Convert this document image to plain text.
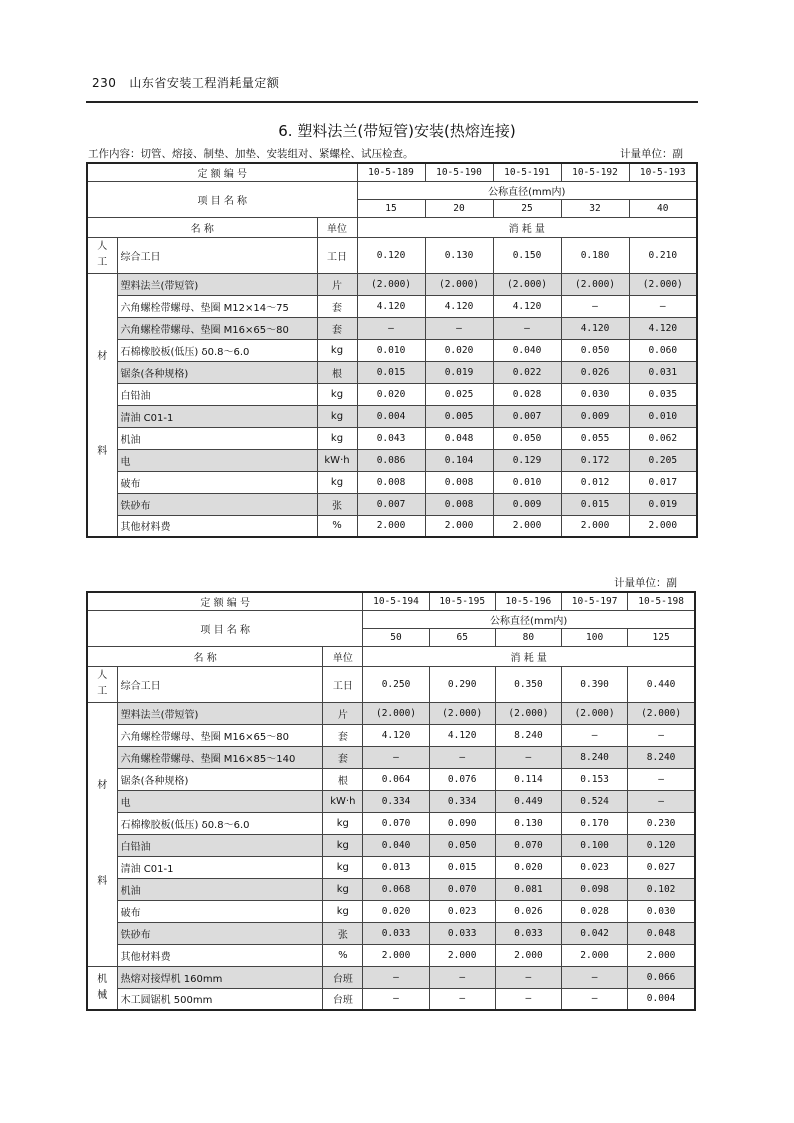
230 山东省安装工程消耗量定额
6. 塑料法兰(带短管)安装(热熔连接)
工作内容：切管、熔接、制垫、加垫、安装组对、紧螺栓、试压检查。	计量单位：副
定 额 编 号			10-5-189	10-5-190	10-5-191	10-5-192	10-5-193
项 目 名 称			公称直径(mm内)				
			15	20	25	32	40
名 称		单位	消 耗 量				

人
工	综合工日	工日	0.120	0.130	0.150	0.180	0.210

材
料	塑料法兰(带短管)	片	(2.000)	(2.000)	(2.000)	(2.000)	(2.000)
	六角螺栓带螺母、垫圈 M12×14～75	套	4.120	4.120	4.120	—	—
	六角螺栓带螺母、垫圈 M16×65～80	套	—	—	—	4.120	4.120
	石棉橡胶板(低压) δ0.8～6.0	kg	0.010	0.020	0.040	0.050	0.060
	锯条(各种规格)	根	0.015	0.019	0.022	0.026	0.031
	白铅油	kg	0.020	0.025	0.028	0.030	0.035
	清油 C01-1	kg	0.004	0.005	0.007	0.009	0.010
	机油	kg	0.043	0.048	0.050	0.055	0.062
	电	kW·h	0.086	0.104	0.129	0.172	0.205
	破布	kg	0.008	0.008	0.010	0.012	0.017
	铁砂布	张	0.007	0.008	0.009	0.015	0.019
	其他材料费	%	2.000	2.000	2.000	2.000	2.000
计量单位：副
定 额 编 号			10-5-194	10-5-195	10-5-196	10-5-197	10-5-198
项 目 名 称			公称直径(mm内)				
			50	65	80	100	125
名 称		单位	消 耗 量				

人
工	综合工日	工日	0.250	0.290	0.350	0.390	0.440

材
料	塑料法兰(带短管)	片	(2.000)	(2.000)	(2.000)	(2.000)	(2.000)
	六角螺栓带螺母、垫圈 M16×65～80	套	4.120	4.120	8.240	—	—
	六角螺栓带螺母、垫圈 M16×85～140	套	—	—	—	8.240	8.240
	锯条(各种规格)	根	0.064	0.076	0.114	0.153	—
	电	kW·h	0.334	0.334	0.449	0.524	—
	石棉橡胶板(低压) δ0.8～6.0	kg	0.070	0.090	0.130	0.170	0.230
	白铅油	kg	0.040	0.050	0.070	0.100	0.120
	清油 C01-1	kg	0.013	0.015	0.020	0.023	0.027
	机油	kg	0.068	0.070	0.081	0.098	0.102
	破布	kg	0.020	0.023	0.026	0.028	0.030
	铁砂布	张	0.033	0.033	0.033	0.042	0.048
	其他材料费	%	2.000	2.000	2.000	2.000	2.000

机
械	热熔对接焊机 160mm	台班	—	—	—	—	0.066
	木工圆锯机 500mm	台班	—	—	—	—	0.004
